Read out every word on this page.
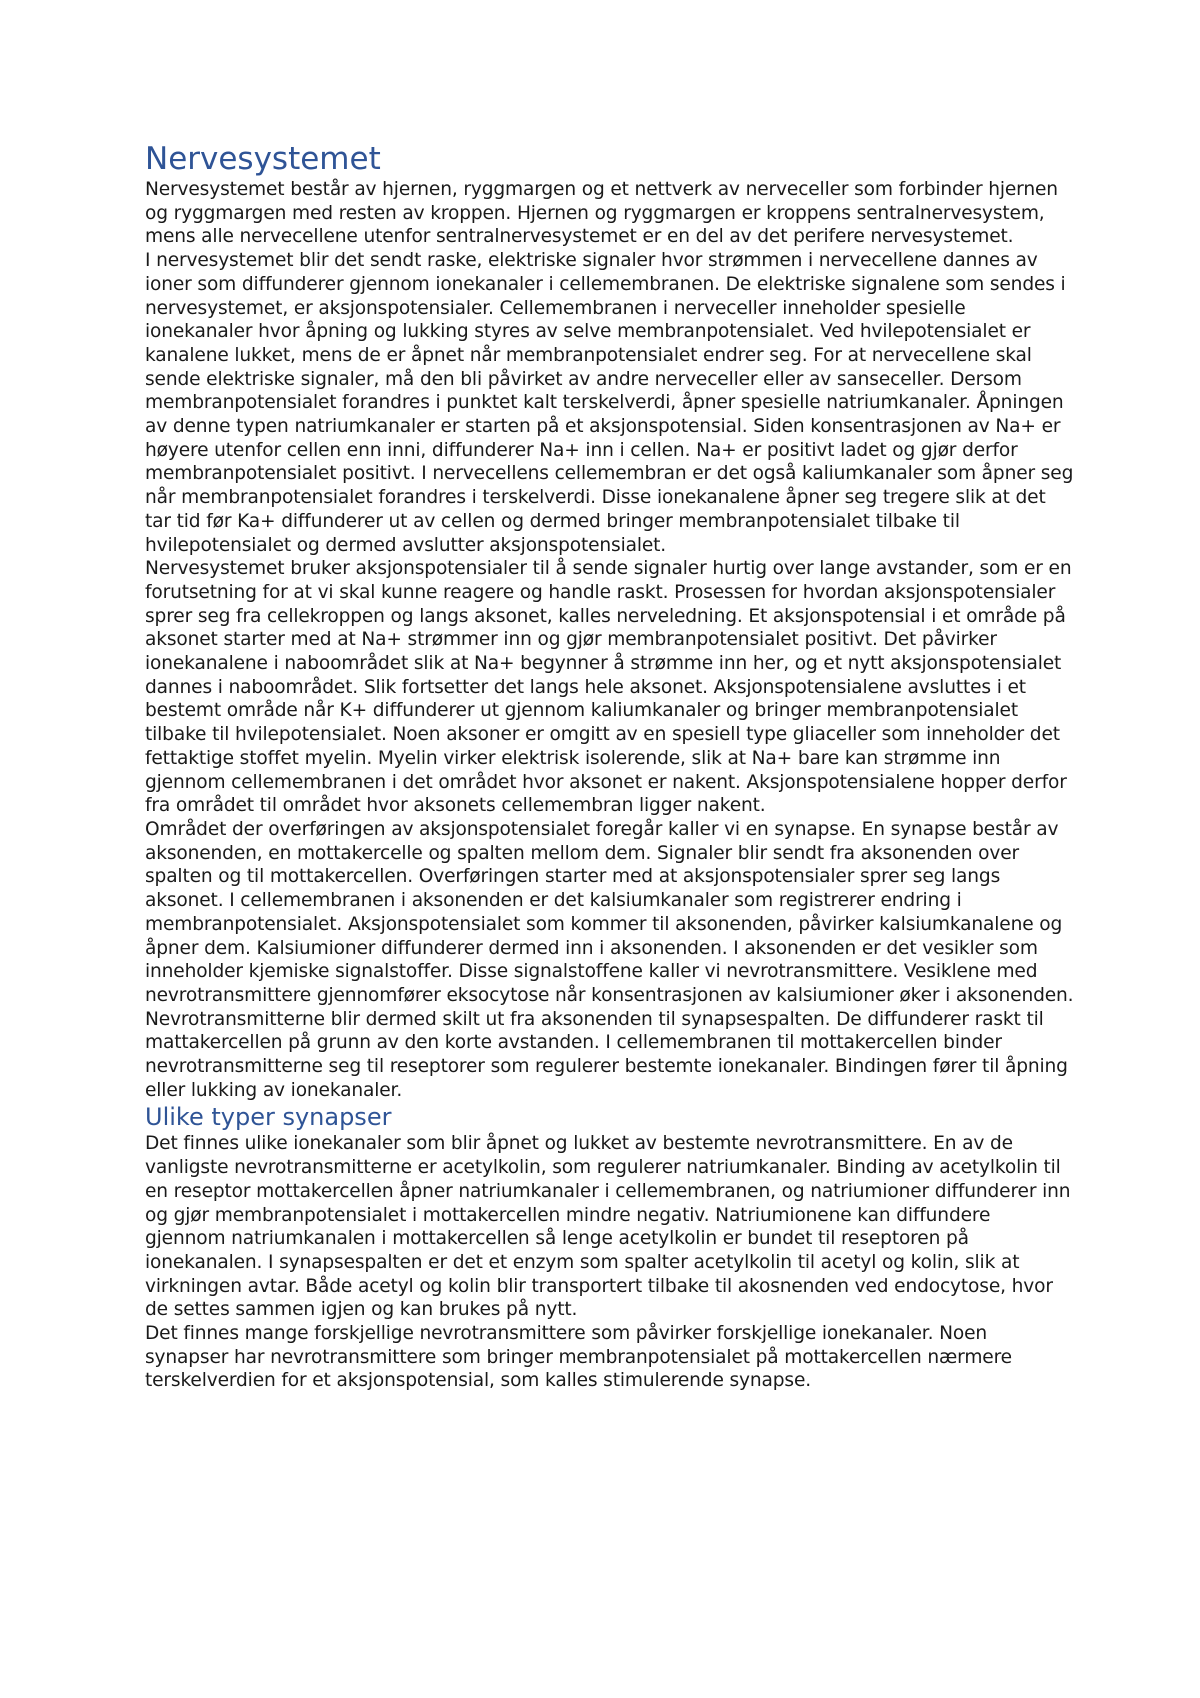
Nervesystemet

Nervesystemet består av hjernen, ryggmargen og et nettverk av nerveceller som forbinder hjernen og ryggmargen med resten av kroppen. Hjernen og ryggmargen er kroppens sentralnervesystem, mens alle nervecellene utenfor sentralnervesystemet er en del av det perifere nervesystemet.

I nervesystemet blir det sendt raske, elektriske signaler hvor strømmen i nervecellene dannes av ioner som diffunderer gjennom ionekanaler i cellemembranen. De elektriske signalene som sendes i nervesystemet, er aksjonspotensialer. Cellemembranen i nerveceller inneholder spesielle ionekanaler hvor åpning og lukking styres av selve membranpotensialet. Ved hvilepotensialet er kanalene lukket, mens de er åpnet når membranpotensialet endrer seg. For at nervecellene skal sende elektriske signaler, må den bli påvirket av andre nerveceller eller av sanseceller. Dersom membranpotensialet forandres i punktet kalt terskelverdi, åpner spesielle natriumkanaler. Åpningen av denne typen natriumkanaler er starten på et aksjonspotensial. Siden konsentrasjonen av Na+ er høyere utenfor cellen enn inni, diffunderer Na+ inn i cellen. Na+ er positivt ladet og gjør derfor membranpotensialet positivt. I nervecellens cellemembran er det også kaliumkanaler som åpner seg når membranpotensialet forandres i terskelverdi. Disse ionekanalene åpner seg tregere slik at det tar tid før Ka+ diffunderer ut av cellen og dermed bringer membranpotensialet tilbake til hvilepotensialet og dermed avslutter aksjonspotensialet.

Nervesystemet bruker aksjonspotensialer til å sende signaler hurtig over lange avstander, som er en forutsetning for at vi skal kunne reagere og handle raskt. Prosessen for hvordan aksjonspotensialer sprer seg fra cellekroppen og langs aksonet, kalles nerveledning. Et aksjonspotensial i et område på aksonet starter med at Na+ strømmer inn og gjør membranpotensialet positivt. Det påvirker ionekanalene i naboområdet slik at Na+ begynner å strømme inn her, og et nytt aksjonspotensialet dannes i naboområdet. Slik fortsetter det langs hele aksonet. Aksjonspotensialene avsluttes i et bestemt område når K+ diffunderer ut gjennom kaliumkanaler og bringer membranpotensialet tilbake til hvilepotensialet. Noen aksoner er omgitt av en spesiell type gliaceller som inneholder det fettaktige stoffet myelin. Myelin virker elektrisk isolerende, slik at Na+ bare kan strømme inn gjennom cellemembranen i det området hvor aksonet er nakent. Aksjonspotensialene hopper derfor fra området til området hvor aksonets cellemembran ligger nakent.

Området der overføringen av aksjonspotensialet foregår kaller vi en synapse. En synapse består av aksonenden, en mottakercelle og spalten mellom dem. Signaler blir sendt fra aksonenden over spalten og til mottakercellen. Overføringen starter med at aksjonspotensialer sprer seg langs aksonet. I cellemembranen i aksonenden er det kalsiumkanaler som registrerer endring i membranpotensialet. Aksjonspotensialet som kommer til aksonenden, påvirker kalsiumkanalene og åpner dem. Kalsiumioner diffunderer dermed inn i aksonenden. I aksonenden er det vesikler som inneholder kjemiske signalstoffer. Disse signalstoffene kaller vi nevrotransmittere. Vesiklene med nevrotransmittere gjennomfører eksocytose når konsentrasjonen av kalsiumioner øker i aksonenden. Nevrotransmitterne blir dermed skilt ut fra aksonenden til synapsespalten. De diffunderer raskt til mattakercellen på grunn av den korte avstanden. I cellemembranen til mottakercellen binder nevrotransmitterne seg til reseptorer som regulerer bestemte ionekanaler. Bindingen fører til åpning eller lukking av ionekanaler.

Ulike typer synapser

Det finnes ulike ionekanaler som blir åpnet og lukket av bestemte nevrotransmittere. En av de vanligste nevrotransmitterne er acetylkolin, som regulerer natriumkanaler. Binding av acetylkolin til en reseptor mottakercellen åpner natriumkanaler i cellemembranen, og natriumioner diffunderer inn og gjør membranpotensialet i mottakercellen mindre negativ. Natriumionene kan diffundere gjennom natriumkanalen i mottakercellen så lenge acetylkolin er bundet til reseptoren på ionekanalen. I synapsespalten er det et enzym som spalter acetylkolin til acetyl og kolin, slik at virkningen avtar. Både acetyl og kolin blir transportert tilbake til akosnenden ved endocytose, hvor de settes sammen igjen og kan brukes på nytt.

Det finnes mange forskjellige nevrotransmittere som påvirker forskjellige ionekanaler. Noen synapser har nevrotransmittere som bringer membranpotensialet på mottakercellen nærmere terskelverdien for et aksjonspotensial, som kalles stimulerende synapse.
